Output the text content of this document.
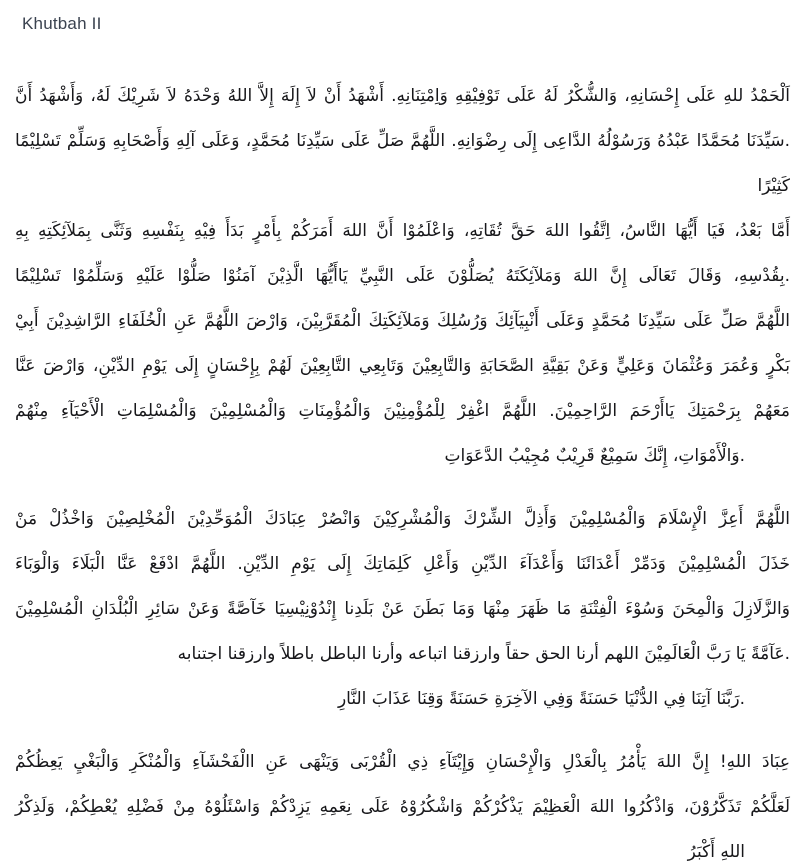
Khutbah II
اَلْحَمْدُ للهِ عَلَى إِحْسَانِهِ، وَالشُّكْرُ لَهُ عَلَى تَوْفِيْقِهِ وَاِمْتِنَانِهِ. أَشْهَدُ أَنْ لاَ إِلَهَ إِلاَّ اللهُ وَحْدَهُ لاَ شَرِيْكَ لَهُ، وَأَشْهَدُ أَنَّ
.سَيِّدَنَا مُحَمَّدًا عَبْدُهُ وَرَسُوْلُهُ الدَّاعِى إِلَى رِضْوَانِهِ. اللَّهُمَّ صَلِّ عَلَى سَيِّدِنَا مُحَمَّدٍ، وَعَلَى آلِهِ وَأَصْحَابِهِ وَسَلِّمْ تَسْلِيْمًا كَثِيْرًا
أَمَّا بَعْدُ، فَيَا أَيُّهَا النَّاسُ، اِتَّقُوا اللهَ حَقَّ تُقَاتِهِ، وَاعْلَمُوْا أَنَّ اللهَ أَمَرَكُمْ بِأَمْرٍ بَدَأَ فِيْهِ بِنَفْسِهِ وَثَنَّى بِمَلآئِكَتِهِ بِهِ
.بِقُدْسِهِ، وَقَالَ تَعَالَى إِنَّ اللهَ وَمَلآئِكَتَهُ يُصَلُّوْنَ عَلَى النَّبِيِّ يَاأَيُّهَا الَّذِيْنَ آمَنُوْا صَلُّوْا عَلَيْهِ وَسَلِّمُوْا تَسْلِيْمًا
اللَّهُمَّ صَلِّ عَلَى سَيِّدِنَا مُحَمَّدٍ وَعَلَى أَنْبِيَآئِكَ وَرُسُلِكَ وَمَلآئِكَتِكَ الْمُقَرَّبِيْنَ، وَارْضَ اللَّهُمَّ عَنِ الْخُلَفَاءِ الرَّاشِدِيْنَ أَبِيْ
بَكْرٍ وَعُمَرَ وَعُثْمَانَ وَعَلِيٍّ وَعَنْ بَقِيَّةِ الصَّحَابَةِ وَالتَّابِعِيْنَ وَتَابِعِي التَّابِعِيْنَ لَهُمْ بِإِحْسَانٍ إِلَى يَوْمِ الدِّيْنِ، وَارْضَ عَنَّا
مَعَهُمْ بِرَحْمَتِكَ يَاأَرْحَمَ الرَّاحِمِيْنَ. اللَّهُمَّ اغْفِرْ لِلْمُؤْمِنِيْنَ وَالْمُؤْمِنَاتِ وَالْمُسْلِمِيْنَ وَالْمُسْلِمَاتِ الْأَحْيَآءِ مِنْهُمْ
.وَالْأَمْوَاتِ، إِنَّكَ سَمِيْعٌ قَرِيْبٌ مُجِيْبُ الدَّعَوَاتِ
اللَّهُمَّ أَعِزَّ الْإِسْلَامَ وَالْمُسْلِمِيْنَ وَأَذِلَّ الشِّرْكَ وَالْمُشْرِكِيْنَ وَانْصُرْ عِبَادَكَ الْمُوَحِّدِيْنَ الْمُخْلِصِيْنَ وَاخْذُلْ مَنْ
خَذَلَ الْمُسْلِمِيْنَ وَدَمِّرْ أَعْدَائَنَا وَأَعْدَآءَ الدِّيْنِ وَأَعْلِ كَلِمَاتِكَ إِلَى يَوْمِ الدِّيْنِ. اللَّهُمَّ ادْفَعْ عَنَّا الْبَلَاءَ وَالْوَبَاءَ
وَالزَّلَازِلَ وَالْمِحَنَ وَسُوْءَ الْفِتْنَةِ مَا ظَهَرَ مِنْهَا وَمَا بَطَنَ عَنْ بَلَدِنا إِنْدُوْنِيْسِيَا خَآصَّةً وَعَنْ سَائِرِ الْبُلْدَانِ الْمُسْلِمِيْنَ
.عَآمَّةً يَا رَبَّ الْعَالَمِيْنَ اللهم أرنا الحق حقاً وارزقنا اتباعه وأرنا الباطل باطلاً وارزقنا اجتنابه
.رَبَّنَا آتِنَا فِي الدُّنْيَا حَسَنَةً وَفِي الآخِرَةِ حَسَنَةً وَقِنَا عَذَابَ النَّارِ
عِبَادَ اللهِ! إِنَّ اللهَ يَأْمُرُ بِالْعَدْلِ وَالْإِحْسَانِ وَإِيْتَآءِ ذِي الْقُرْبَى وَيَنْهَى عَنِ االْفَحْشَآءِ وَالْمُنْكَرِ وَالْبَغْيِ يَعِظُكُمْ
لَعَلَّكُمْ تَذَكَّرُوْنَ، وَاذْكُرُوا اللهَ الْعَظِيْمَ يَذْكُرْكُمْ وَاشْكُرُوْهُ عَلَى نِعَمِهِ يَزِدْكُمْ وَاسْئَلُوْهُ مِنْ فَضْلِهِ يُعْطِكُمْ، وَلَذِكْرُ
اللهِ أَكْبَرُ
